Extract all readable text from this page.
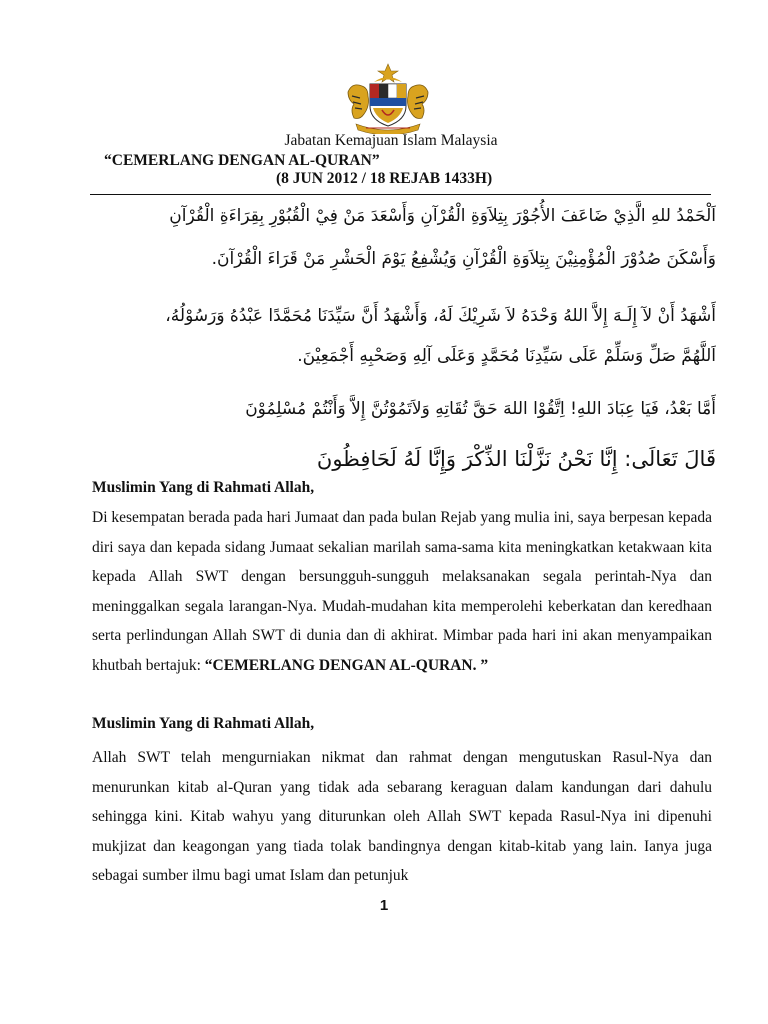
Jabatan Kemajuan Islam Malaysia
“CEMERLANG DENGAN AL-QURAN”
(8 JUN 2012 / 18 REJAB 1433H)
اَلْحَمْدُ للهِ الَّذِيْ ضَاعَفَ الأُجُوْرَ بِتِلاَوَةِ الْقُرْآنِ وَأَسْعَدَ مَنْ فِيْ الْقُبُوْرِ بِقِرَاءَةِ الْقُرْآنِ
وَأَسْكَنَ صُدُوْرَ الْمُؤْمِنِيْنَ بِتِلاَوَةِ الْقُرْآنِ وَيُشْفِعُ يَوْمَ الْحَشْرِ مَنْ قَرَاءَ الْقُرْآنَ.
أَشْهَدُ أَنْ لآ إِلَـهَ إِلاَّ اللهُ وَحْدَهُ لاَ شَرِيْكَ لَهُ، وَأَشْهَدُ أَنَّ سَيِّدَنَا مُحَمَّدًا عَبْدُهُ وَرَسُوْلُهُ،
اَللَّهُمَّ صَلِّ وَسَلِّمْ عَلَى سَيِّدِنَا مُحَمَّدٍ وَعَلَى آلِهِ وَصَحْبِهِ أَجْمَعِيْنَ.
أَمَّا بَعْدُ، فَيَا عِبَادَ اللهِ! اِتَّقُوْا اللهَ حَقَّ تُقَاتِهِ وَلاَتَمُوْتُنَّ إِلاَّ وَأَنْتُمْ مُسْلِمُوْنَ
قَالَ تَعَالَى: إِنَّا نَحْنُ نَزَّلْنَا الذِّكْرَ وَإِنَّا لَهُ لَحَافِظُونَ
Muslimin Yang di Rahmati Allah,
Di kesempatan berada pada hari Jumaat dan pada bulan Rejab yang mulia ini, saya berpesan kepada diri saya dan kepada sidang Jumaat sekalian marilah sama-sama kita meningkatkan ketakwaan kita kepada Allah SWT dengan bersungguh-sungguh melaksanakan segala perintah-Nya dan meninggalkan segala larangan-Nya. Mudah-mudahan kita memperolehi keberkatan dan keredhaan serta perlindungan Allah SWT di dunia dan di akhirat. Mimbar pada hari ini akan menyampaikan khutbah bertajuk: “CEMERLANG DENGAN AL-QURAN. ”
Muslimin Yang di Rahmati Allah,
Allah SWT telah mengurniakan nikmat dan rahmat dengan mengutuskan Rasul-Nya dan menurunkan kitab al-Quran yang tidak ada sebarang keraguan dalam kandungan dari dahulu sehingga kini. Kitab wahyu yang diturunkan oleh Allah SWT kepada Rasul-Nya ini dipenuhi mukjizat dan keagongan yang tiada tolak bandingnya dengan kitab-kitab yang lain. Ianya juga sebagai sumber ilmu bagi umat Islam dan petunjuk
1
